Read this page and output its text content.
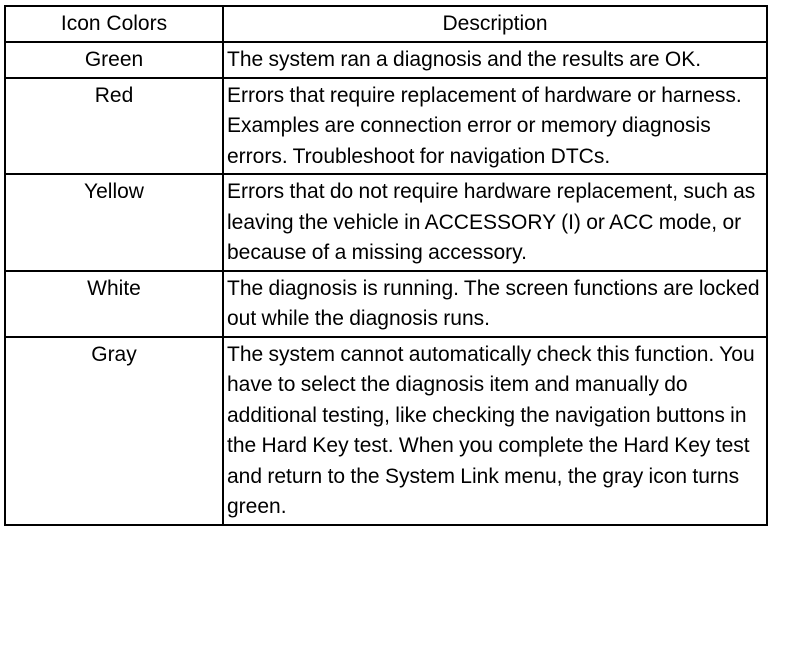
Icon Colors	Description
Green	The system ran a diagnosis and the results are OK.
Red	Errors that require replacement of hardware or harness. Examples are connection error or memory diagnosis errors. Troubleshoot for navigation DTCs.
Yellow	Errors that do not require hardware replacement, such as leaving the vehicle in ACCESSORY (I) or ACC mode, or because of a missing accessory.
White	The diagnosis is running. The screen functions are locked out while the diagnosis runs.
Gray	The system cannot automatically check this function. You have to select the diagnosis item and manually do additional testing, like checking the navigation buttons in the Hard Key test. When you complete the Hard Key test and return to the System Link menu, the gray icon turns green.
